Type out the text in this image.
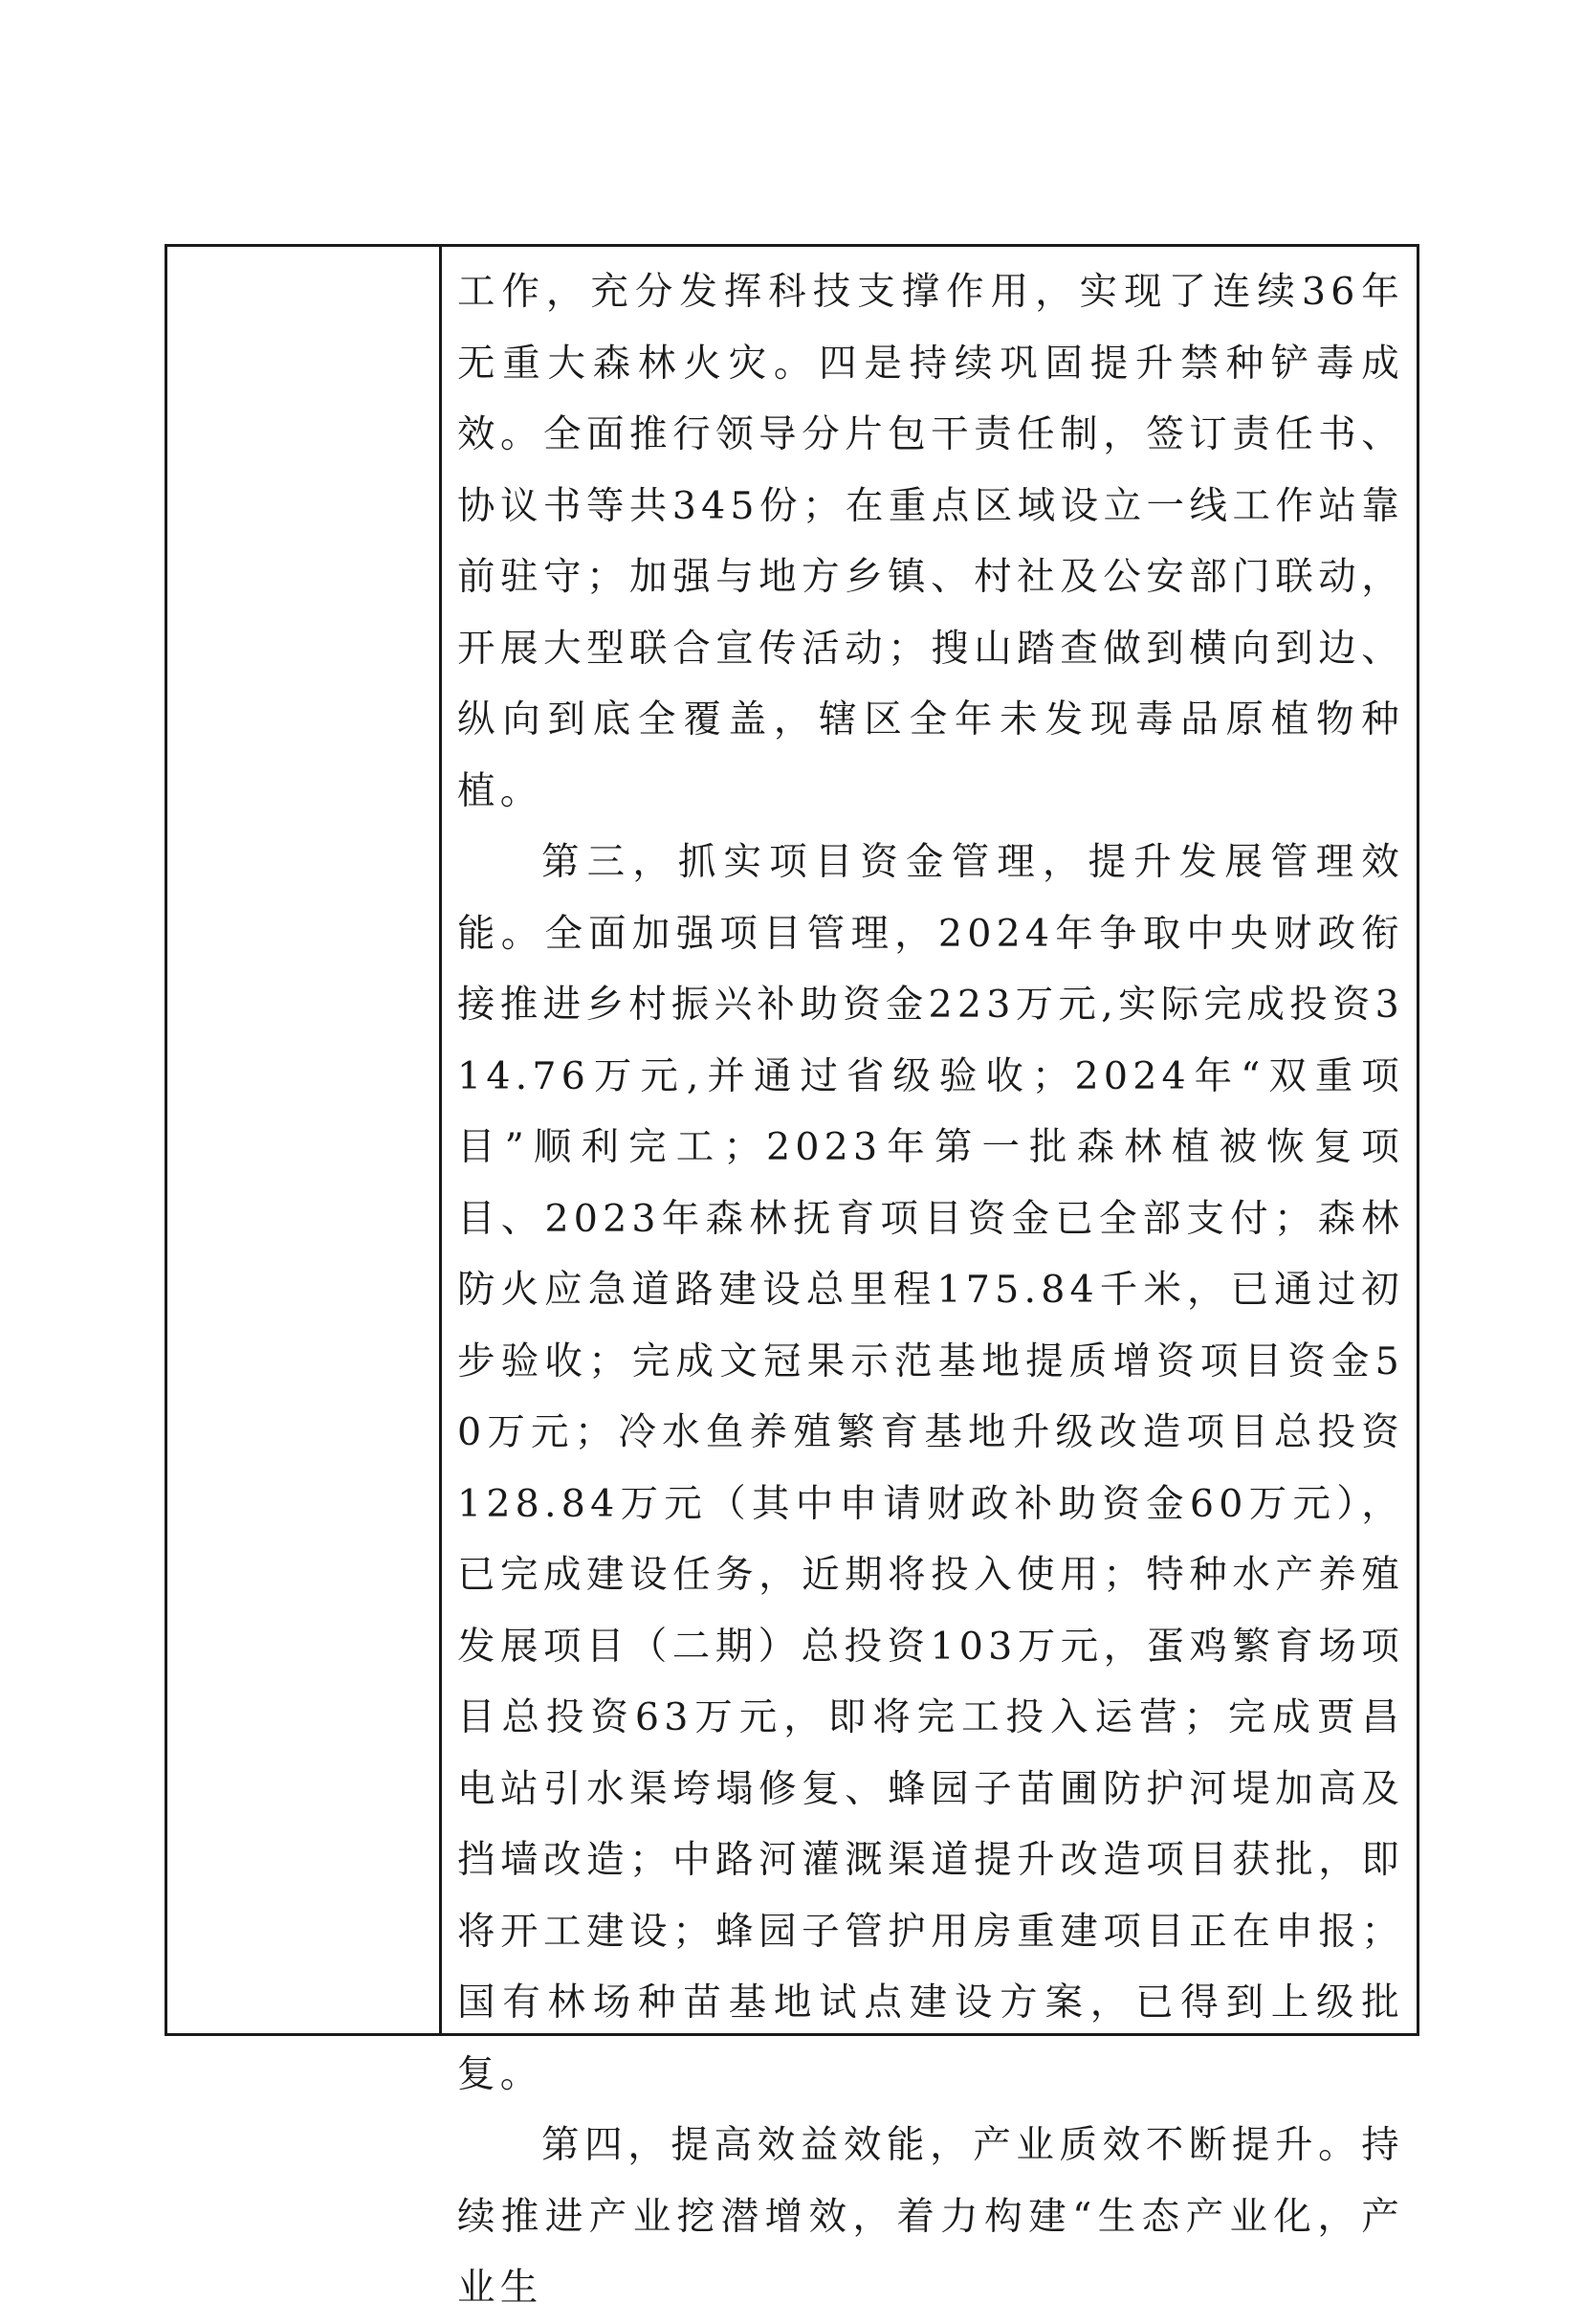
工作，充分发挥科技支撑作用，实现了连续36年无重大森林火灾。四是持续巩固提升禁种铲毒成效。全面推行领导分片包干责任制，签订责任书、协议书等共345份；在重点区域设立一线工作站靠前驻守；加强与地方乡镇、村社及公安部门联动，开展大型联合宣传活动；搜山踏查做到横向到边、纵向到底全覆盖，辖区全年未发现毒品原植物种植。

第三，抓实项目资金管理，提升发展管理效能。全面加强项目管理，2024年争取中央财政衔接推进乡村振兴补助资金223万元,实际完成投资314.76万元,并通过省级验收；2024年“双重项目”顺利完工；2023年第一批森林植被恢复项目、2023年森林抚育项目资金已全部支付；森林防火应急道路建设总里程175.84千米，已通过初步验收；完成文冠果示范基地提质增资项目资金50万元；冷水鱼养殖繁育基地升级改造项目总投资128.84万元（其中申请财政补助资金60万元），已完成建设任务，近期将投入使用；特种水产养殖发展项目（二期）总投资103万元，蛋鸡繁育场项目总投资63万元，即将完工投入运营；完成贾昌电站引水渠垮塌修复、蜂园子苗圃防护河堤加高及挡墙改造；中路河灌溉渠道提升改造项目获批，即将开工建设；蜂园子管护用房重建项目正在申报；国有林场种苗基地试点建设方案，已得到上级批复。

第四，提高效益效能，产业质效不断提升。持续推进产业挖潜增效，着力构建“生态产业化，产业生
